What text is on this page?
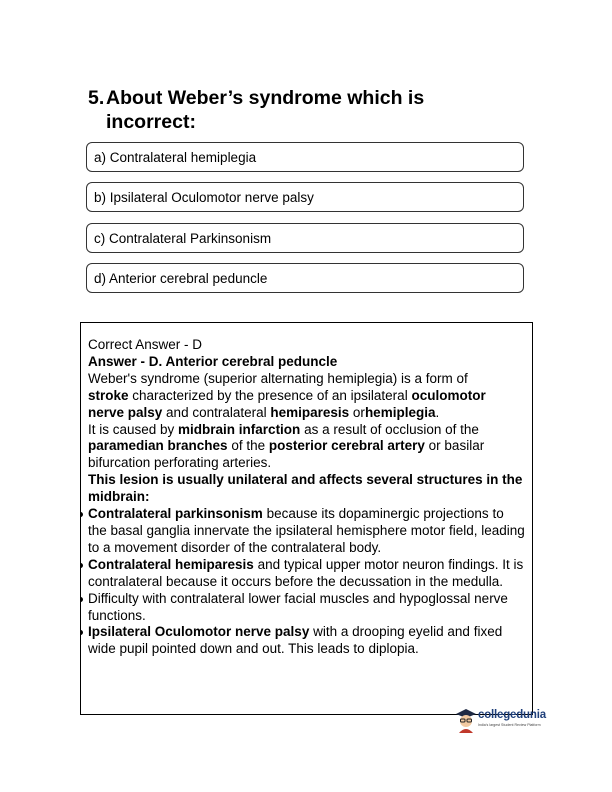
5.About Weber’s syndrome which is
incorrect:
a) Contralateral hemiplegia
b) Ipsilateral Oculomotor nerve palsy
c) Contralateral Parkinsonism
d) Anterior cerebral peduncle

Correct Answer - D

Answer - D. Anterior cerebral peduncle

Weber's syndrome (superior alternating hemiplegia) is a form of stroke characterized by the presence of an ipsilateral oculomotor nerve palsy and contralateral hemiparesis orhemiplegia.

It is caused by midbrain infarction as a result of occlusion of the paramedian branches of the posterior cerebral artery or basilar bifurcation perforating arteries.

This lesion is usually unilateral and affects several structures in the midbrain:

Contralateral parkinsonism because its dopaminergic projections to the basal ganglia innervate the ipsilateral hemisphere motor field, leading to a movement disorder of the contralateral body.
Contralateral hemiparesis and typical upper motor neuron findings. It is contralateral because it occurs before the decussation in the medulla.
Difficulty with contralateral lower facial muscles and hypoglossal nerve functions.
Ipsilateral Oculomotor nerve palsy with a drooping eyelid and fixed wide pupil pointed down and out. This leads to diplopia.
collegedunia
India's largest Student Review Platform
